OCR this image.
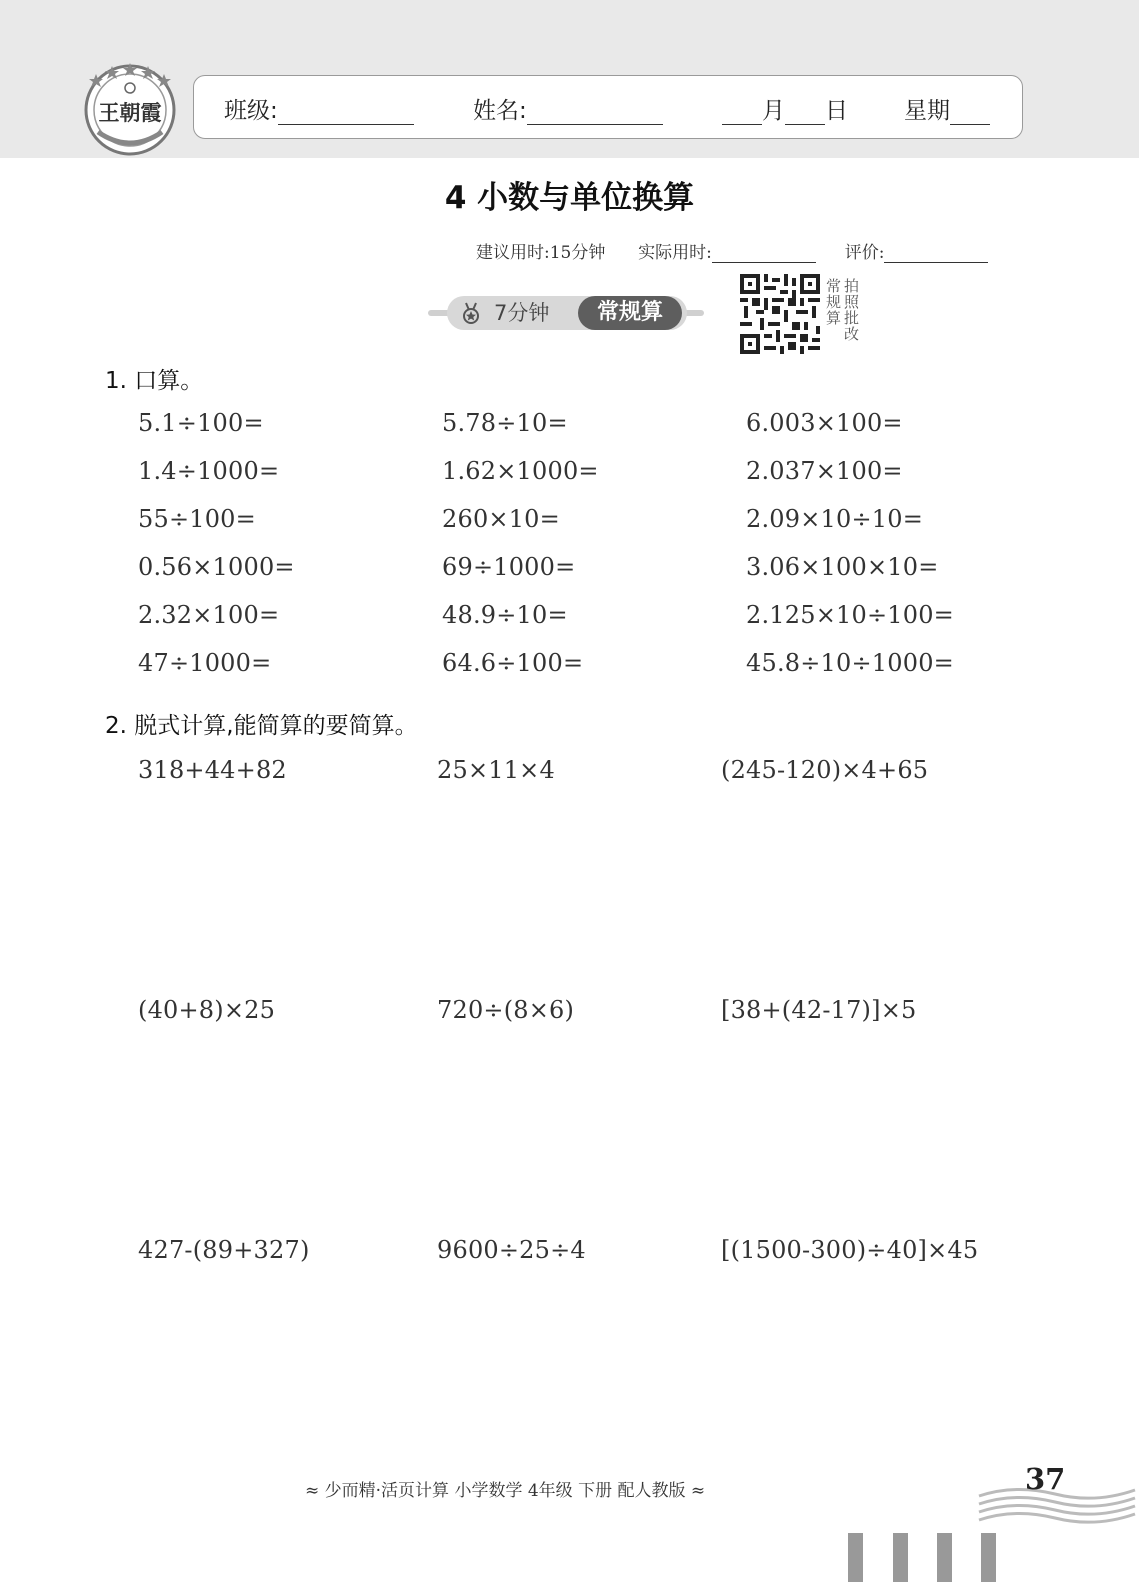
王朝霞	班级:	姓名:	月 日 星期
4 小数与单位换算
建议用时:15分钟 实际用时:	评价:
7分钟	常规算
常
规
算
拍
照
批
改
1. 口算。
5.1÷100=	5.78÷10=	6.003×100=
1.4÷1000=	1.62×1000=	2.037×100=
55÷100=	260×10=	2.09×10÷10=
0.56×1000=	69÷1000=	3.06×100×10=
2.32×100=	48.9÷10=	2.125×10÷100=
47÷1000=	64.6÷100=	45.8÷10÷1000=
2. 脱式计算,能简算的要简算。
318+44+82	25×11×4	(245-120)×4+65
(40+8)×25	720÷(8×6)	[38+(42-17)]×5
427-(89+327)	9600÷25÷4	[(1500-300)÷40]×45
≈ 少而精·活页计算 小学数学 4年级 下册 配人教版 ≈	37
